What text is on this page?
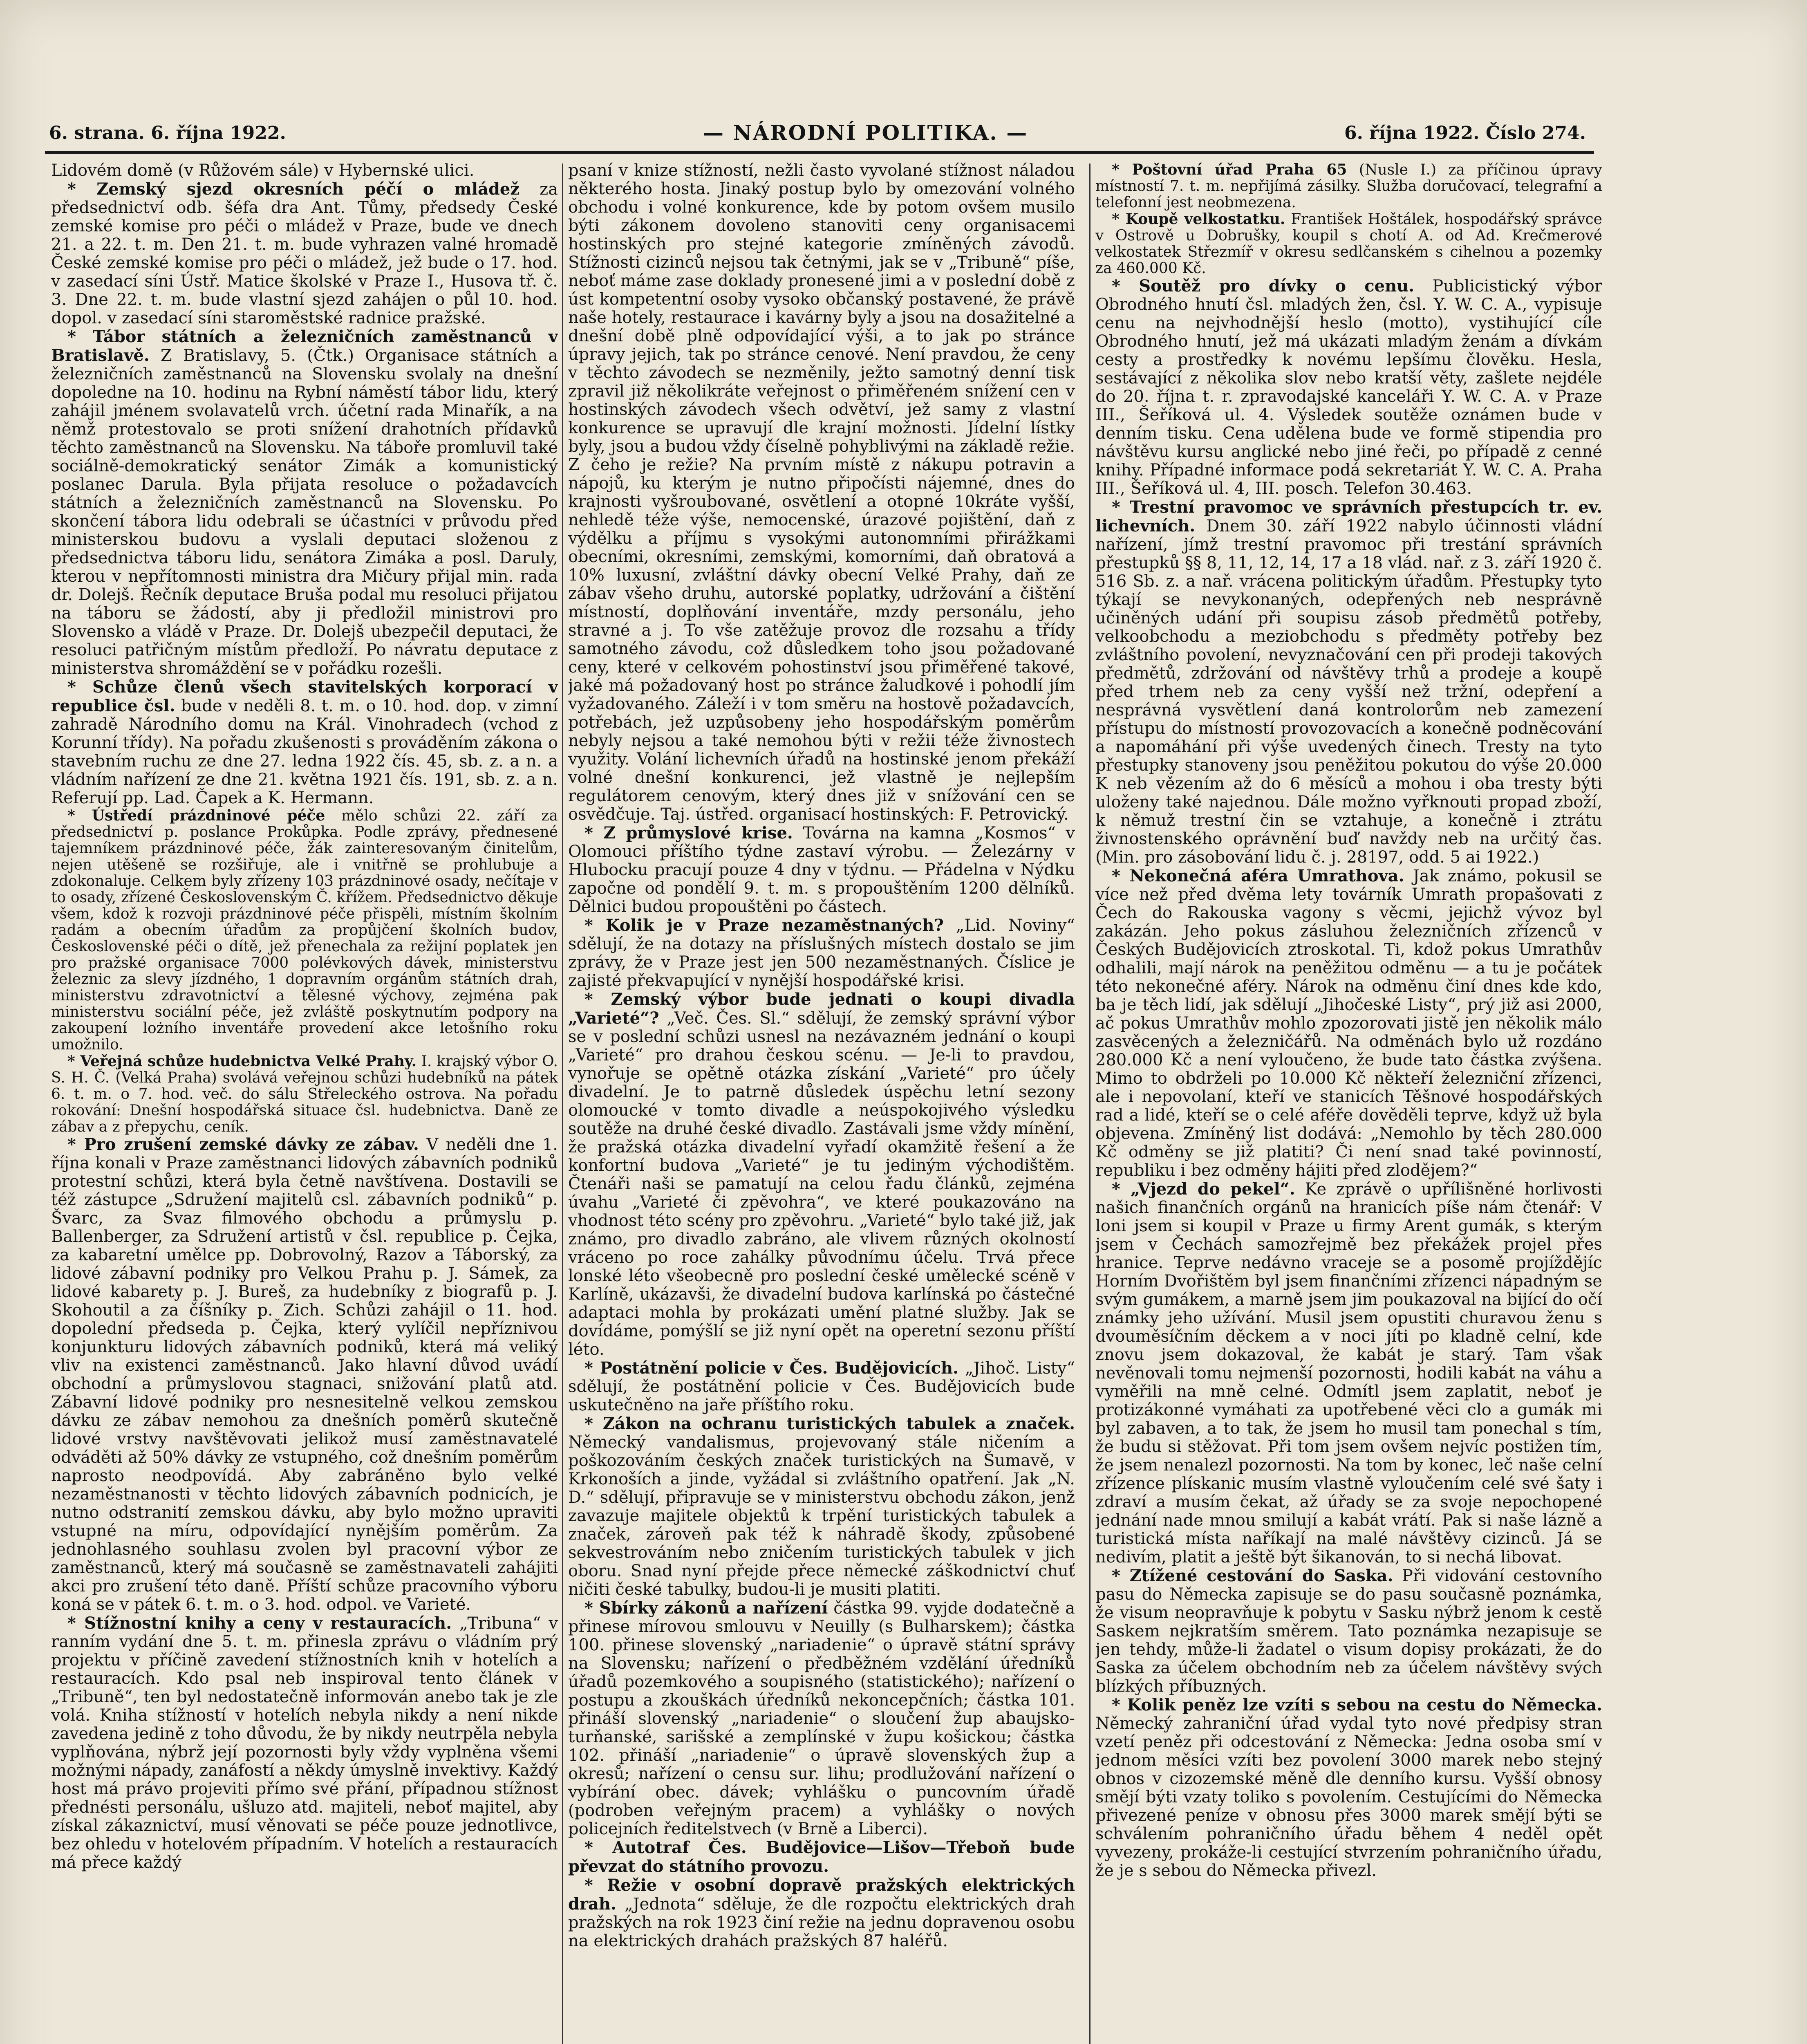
6. strana. 6. října 1922.	— NÁRODNÍ POLITIKA. —	6. října 1922. Číslo 274.

Lidovém domě (v Růžovém sále) v Hybernské ulici.

* Zemský sjezd okresních péčí o mládež za předsednictví odb. šéfa dra Ant. Tůmy, předsedy České zemské komise pro péči o mládež v Praze, bude ve dnech 21. a 22. t. m. Den 21. t. m. bude vyhrazen valné hromadě České zemské komise pro péči o mládež, jež bude o 17. hod. v zasedací síni Ústř. Matice školské v Praze I., Husova tř. č. 3. Dne 22. t. m. bude vlastní sjezd zahájen o půl 10. hod. dopol. v zasedací síni staroměstské radnice pražské.

* Tábor státních a železničních zaměstnanců v Bratislavě. Z Bratislavy, 5. (Čtk.) Organisace státních a železničních zaměstnanců na Slovensku svolaly na dnešní dopoledne na 10. hodinu na Rybní náměstí tábor lidu, který zahájil jménem svolavatelů vrch. účetní rada Minařík, a na němž protestovalo se proti snížení drahotních přídavků těchto zaměstnanců na Slovensku. Na táboře promluvil také sociálně-demokratický senátor Zimák a komunistický poslanec Darula. Byla přijata resoluce o požadavcích státních a železničních zaměstnanců na Slovensku. Po skončení tábora lidu odebrali se účastníci v průvodu před ministerskou budovu a vyslali deputaci složenou z předsednictva táboru lidu, senátora Zimáka a posl. Daruly, kterou v nepřítomnosti ministra dra Mičury přijal min. rada dr. Dolejš. Řečník deputace Bruša podal mu resoluci přijatou na táboru se žádostí, aby ji předložil ministrovi pro Slovensko a vládě v Praze. Dr. Dolejš ubezpečil deputaci, že resoluci patřičným místům předloží. Po návratu deputace z ministerstva shromáždění se v pořádku rozešli.

* Schůze členů všech stavitelských korporací v republice čsl. bude v neděli 8. t. m. o 10. hod. dop. v zimní zahradě Národního domu na Král. Vinohradech (vchod z Korunní třídy). Na pořadu zkušenosti s prováděním zákona o stavebním ruchu ze dne 27. ledna 1922 čís. 45, sb. z. a n. a vládním nařízení ze dne 21. května 1921 čís. 191, sb. z. a n. Referují pp. Lad. Čapek a K. Hermann.

* Ústředí prázdninové péče mělo schůzi 22. září za předsednictví p. poslance Prokůpka. Podle zprávy, přednesené tajemníkem prázdninové péče, žák zainteresovaným činitelům, nejen utěšeně se rozšiřuje, ale i vnitřně se prohlubuje a zdokonaluje. Celkem byly zřízeny 103 prázdninové osady, nečítaje v to osady, zřízené Československým Č. křížem. Předsednictvo děkuje všem, kdož k rozvoji prázdninové péče přispěli, místním školním radám a obecním úřadům za propůjčení školních budov, Československé péči o dítě, jež přenechala za režijní poplatek jen pro pražské organisace 7000 polévkových dávek, ministerstvu železnic za slevy jízdného, 1 dopravním orgánům státních drah, ministerstvu zdravotnictví a tělesné výchovy, zejména pak ministerstvu sociální péče, jež zvláště poskytnutím podpory na zakoupení lożního inventáře provedení akce letošního roku umožnilo.

* Veřejná schůze hudebnictva Velké Prahy. I. krajský výbor O. S. H. Č. (Velká Praha) svolává veřejnou schůzi hudebníků na pátek 6. t. m. o 7. hod. več. do sálu Střeleckého ostrova. Na pořadu rokování: Dnešní hospodářská situace čsl. hudebnictva. Daně ze zábav a z přepychu, ceník.

* Pro zrušení zemské dávky ze zábav. V neděli dne 1. října konali v Praze zaměstnanci lidových zábavních podniků protestní schůzi, která byla četně navštívena. Dostavili se též zástupce „Sdružení majitelů csl. zábavních podniků“ p. Švarc, za Svaz filmového obchodu a průmyslu p. Ballenberger, za Sdružení artistů v čsl. republice p. Čejka, za kabaretní umělce pp. Dobrovolný, Razov a Táborský, za lidové zábavní podniky pro Velkou Prahu p. J. Sámek, za lidové kabarety p. J. Bureš, za hudebníky z biografů p. J. Skohoutil a za číšníky p. Zich. Schůzi zahájil o 11. hod. dopolední předseda p. Čejka, který vylíčil nepříznivou konjunkturu lidových zábavních podniků, která má veliký vliv na existenci zaměstnanců. Jako hlavní důvod uvádí obchodní a průmyslovou stagnaci, snižování platů atd. Zábavní lidové podniky pro nesnesitelně velkou zemskou dávku ze zábav nemohou za dnešních poměrů skutečně lidové vrstvy navštěvovati jelikož musí zaměstnavatelé odváděti až 50% dávky ze vstupného, což dnešním poměrům naprosto neodpovídá. Aby zabráněno bylo velké nezaměstnanosti v těchto lidových zábavních podnicích, je nutno odstranití zemskou dávku, aby bylo možno upraviti vstupné na míru, odpovídající nynějším poměrům. Za jednohlasného souhlasu zvolen byl pracovní výbor ze zaměstnanců, který má současně se zaměstnavateli zahájiti akci pro zrušení této daně. Příští schůze pracovního výboru koná se v pátek 6. t. m. o 3. hod. odpol. ve Varieté.

* Stížnostní knihy a ceny v restauracích. „Tribuna“ v ranním vydání dne 5. t. m. přinesla zprávu o vládním prý projektu v příčině zavedení stížnostních knih v hotelích a restauracích. Kdo psal neb inspiroval tento článek v „Tribuně“, ten byl nedostatečně informován anebo tak je zle volá. Kniha stížností v hotelích nebyla nikdy a není nikde zavedena jedině z toho důvodu, že by nikdy neutrpěla nebyla vyplňována, nýbrž její pozornosti byly vždy vyplněna všemi možnými nápady, zanáfostí a někdy úmyslně invektivy. Každý host má právo projeviti přímo své přání, případnou stížnost přednésti personálu, ušluzo atd. majiteli, neboť majitel, aby získal zákaznictví, musí věnovati se péče pouze jednotlivce, bez ohledu v hotelovém případním. V hotelích a restauracích má přece každý

psaní v knize stížností, nežli často vyvolané stížnost náladou některého hosta. Jinaký postup bylo by omezování volného obchodu i volné konkurence, kde by potom ovšem musilo býti zákonem dovoleno stanoviti ceny organisacemi hostinských pro stejné kategorie zmíněných závodů. Stížnosti cizinců nejsou tak četnými, jak se v „Tribuně“ píše, neboť máme zase doklady pronesené jimi a v poslední době z úst kompetentní osoby vysoko občanský postavené, že právě naše hotely, restaurace i kavárny byly a jsou na dosažitelné a dnešní době plně odpovídající výši, a to jak po stránce úpravy jejich, tak po stránce cenové. Není pravdou, že ceny v těchto závodech se nezměnily, ježto samotný denní tisk zpravil již několikráte veřejnost o přiměřeném snížení cen v hostinských závodech všech odvětví, jež samy z vlastní konkurence se upravují dle krajní možnosti. Jídelní lístky byly, jsou a budou vždy číselně pohyblivými na základě režie. Z čeho je režie? Na prvním místě z nákupu potravin a nápojů, ku kterým je nutno připočísti nájemné, dnes do krajnosti vyšroubované, osvětlení a otopné 10kráte vyšší, nehledě téže výše, nemocenské, úrazové pojištění, daň z výdělku a příjmu s vysokými autonomními přirážkami obecními, okresními, zemskými, komorními, daň obratová a 10% luxusní, zvláštní dávky obecní Velké Prahy, daň ze zábav všeho druhu, autorské poplatky, udržování a čištění místností, doplňování inventáře, mzdy personálu, jeho stravné a j. To vše zatěžuje provoz dle rozsahu a třídy samotného závodu, což důsledkem toho jsou požadované ceny, které v celkovém pohostinství jsou přiměřené takové, jaké má požadovaný host po stránce žaludkové i pohodlí jím vyžadovaného. Záleží i v tom směru na hostově požadavcích, potřebách, jež uzpůsobeny jeho hospodářským poměrům nebyly nejsou a také nemohou býti v režii téže živnostech využity. Volání lichevních úřadů na hostinské jenom překáží volné dnešní konkurenci, jež vlastně je nejlepším regulátorem cenovým, který dnes již v snížování cen se osvědčuje. Taj. ústřed. organisací hostinských: F. Petrovický.

* Z průmyslové krise. Továrna na kamna „Kosmos“ v Olomouci příštího týdne zastaví výrobu. — Železárny v Hlubocku pracují pouze 4 dny v týdnu. — Přádelna v Nýdku započne od pondělí 9. t. m. s propouštěním 1200 dělníků. Dělnici budou propouštěni po částech.

* Kolik je v Praze nezaměstnaných? „Lid. Noviny“ sdělují, že na dotazy na příslušných místech dostalo se jim zprávy, že v Praze jest jen 500 nezaměstnaných. Číslice je zajisté překvapující v nynější hospodářské krisi.

* Zemský výbor bude jednati o koupi divadla „Varieté“? „Več. Čes. Sl.“ sdělují, že zemský správní výbor se v poslední schůzi usnesl na nezávazném jednání o koupi „Varieté“ pro drahou českou scénu. — Je-li to pravdou, vynořuje se opětně otázka získání „Varieté“ pro účely divadelní. Je to patrně důsledek úspěchu letní sezony olomoucké v tomto divadle a neúspokojivého výsledku soutěže na druhé české divadlo. Zastávali jsme vždy mínění, že pražská otázka divadelní vyřadí okamžitě řešení a že konfortní budova „Varieté“ je tu jediným východištěm. Čtenáři naši se pamatují na celou řadu článků, zejména úvahu „Varieté či zpěvohra“, ve které poukazováno na vhodnost této scény pro zpěvohru. „Varieté“ bylo také již, jak známo, pro divadlo zabráno, ale vlivem různých okolností vráceno po roce zahálky původnímu účelu. Trvá přece lonské léto všeobecně pro poslední české umělecké scéně v Karlíně, ukázavši, že divadelní budova karlínská po částečné adaptaci mohla by prokázati umění platné služby. Jak se dovídáme, pomýšlí se již nyní opět na operetní sezonu příští léto.

* Postátnění policie v Čes. Budějovicích. „Jihoč. Listy“ sdělují, že postátnění policie v Čes. Budějovicích bude uskutečněno na jaře příštího roku.

* Zákon na ochranu turistických tabulek a značek. Německý vandalismus, projevovaný stále ničením a poškozováním českých značek turistických na Šumavě, v Krkonoších a jinde, vyžádal si zvláštního opatření. Jak „N. D.“ sdělují, připravuje se v ministerstvu obchodu zákon, jenž zavazuje majitele objektů k trpění turistických tabulek a značek, zároveň pak též k náhradě škody, způsobené sekvestrováním nebo zničením turistických tabulek v jich oboru. Snad nyní přejde přece německé záškodnictví chuť ničiti české tabulky, budou-li je musiti platiti.

* Sbírky zákonů a nařízení částka 99. vyjde dodatečně a přinese mírovou smlouvu v Neuilly (s Bulharskem); částka 100. přinese slovenský „nariadenie“ o úpravě státní správy na Slovensku; nařízení o předběžném vzdělání úředníků úřadů pozemkového a soupisného (statistického); nařízení o postupu a zkouškách úředníků nekoncepčních; částka 101. přináší slovenský „nariadenie“ o sloučení žup abaujsko-turňanské, sarišské a zemplínské v župu košickou; částka 102. přináší „nariadenie“ o úpravě slovenských žup a okresů; nařízení o censu sur. lihu; prodlužování nařízení o vybírání obec. dávek; vyhlášku o puncovním úřadě (podroben veřejným pracem) a vyhlášky o nových policejních ředitelstvech (v Brně a Liberci).

* Autotraf Čes. Budějovice—Lišov—Třeboň bude převzat do státního provozu.

* Režie v osobní dopravě pražských elektrických drah. „Jednota“ sděluje, že dle rozpočtu elektrických drah pražských na rok 1923 činí režie na jednu dopravenou osobu na elektrických drahách pražských 87 haléřů.

* Poštovní úřad Praha 65 (Nusle I.) za příčinou úpravy místností 7. t. m. nepřijímá zásilky. Služba doručovací, telegrafní a telefonní jest neobmezena.

* Koupě velkostatku. František Hoštálek, hospodářský správce v Ostrově u Dobrušky, koupil s chotí A. od Ad. Krečmerové velkostatek Střezmíř v okresu sedlčanském s cihelnou a pozemky za 460.000 Kč.

* Soutěž pro dívky o cenu. Publicistický výbor Obrodného hnutí čsl. mladých žen, čsl. Y. W. C. A., vypisuje cenu na nejvhodnější heslo (motto), vystihující cíle Obrodného hnutí, jež má ukázati mladým ženám a dívkám cesty a prostředky k novému lepšímu člověku. Hesla, sestávající z několika slov nebo kratší věty, zašlete nejdéle do 20. října t. r. zpravodajské kanceláři Y. W. C. A. v Praze III., Šeříková ul. 4. Výsledek soutěže oznámen bude v denním tisku. Cena udělena bude ve formě stipendia pro návštěvu kursu anglické nebo jiné řeči, po případě z cenné knihy. Případné informace podá sekretariát Y. W. C. A. Praha III., Šeříková ul. 4, III. posch. Telefon 30.463.

* Trestní pravomoc ve správních přestupcích tr. ev. lichevních. Dnem 30. září 1922 nabylo účinnosti vládní nařízení, jímž trestní pravomoc při trestání správních přestupků §§ 8, 11, 12, 14, 17 a 18 vlád. nař. z 3. září 1920 č. 516 Sb. z. a nař. vrácena politickým úřadům. Přestupky tyto týkají se nevykonaných, odepřených neb nesprávně učiněných udání při soupisu zásob předmětů potřeby, velkoobchodu a meziobchodu s předměty potřeby bez zvláštního povolení, nevyznačování cen při prodeji takových předmětů, zdržování od návštěvy trhů a prodeje a koupě před trhem neb za ceny vyšší než tržní, odepření a nesprávná vysvětlení daná kontrolorům neb zamezení přístupu do místností provozovacích a konečně podněcování a napomáhání při výše uvedených činech. Tresty na tyto přestupky stanoveny jsou peněžitou pokutou do výše 20.000 K neb vězením až do 6 měsíců a mohou i oba tresty býti uloženy také najednou. Dále možno vyřknouti propad zboží, k němuž trestní čin se vztahuje, a konečně i ztrátu živnostenského oprávnění buď navždy neb na určitý čas. (Min. pro zásobování lidu č. j. 28197, odd. 5 ai 1922.)

* Nekonečná aféra Umrathova. Jak známo, pokusil se více než před dvěma lety továrník Umrath propašovati z Čech do Rakouska vagony s věcmi, jejichž vývoz byl zakázán. Jeho pokus zásluhou železničních zřízenců v Českých Budějovicích ztroskotal. Ti, kdož pokus Umrathův odhalili, mají nárok na peněžitou odměnu — a tu je počátek této nekonečné aféry. Nárok na odměnu činí dnes kde kdo, ba je těch lidí, jak sdělují „Jihočeské Listy“, prý již asi 2000, ač pokus Umrathův mohlo zpozorovati jistě jen několik málo zasvěcených a železničářů. Na odměnách bylo už rozdáno 280.000 Kč a není vyloučeno, že bude tato částka zvýšena. Mimo to obdrželi po 10.000 Kč někteří železniční zřízenci, ale i nepovolaní, kteří ve stanicích Těšnové hospodářských rad a lidé, kteří se o celé aféře dověděli teprve, když už byla objevena. Zmíněný list dodává: „Nemohlo by těch 280.000 Kč odměny se již platiti? Či není snad také povinností, republiku i bez odměny hájiti před zlodějem?“

* „Vjezd do pekel“. Ke zprávě o upřílišněné horlivosti našich finančních orgánů na hranicích píše nám čtenář: V loni jsem si koupil v Praze u firmy Arent gumák, s kterým jsem v Čechách samozřejmě bez překážek projel přes hranice. Teprve nedávno vraceje se a posomě projíždějíc Horním Dvořištěm byl jsem finančními zřízenci nápadným se svým gumákem, a marně jsem jim poukazoval na bijící do očí známky jeho užívání. Musil jsem opustiti churavou ženu s dvouměsíčním děckem a v noci jíti po kladně celní, kde znovu jsem dokazoval, že kabát je starý. Tam však nevěnovali tomu nejmenší pozornosti, hodili kabát na váhu a vyměřili na mně celné. Odmítl jsem zaplatit, neboť je protizákonné vymáhati za upotřebené věci clo a gumák mi byl zabaven, a to tak, že jsem ho musil tam ponechal s tím, že budu si stěžovat. Při tom jsem ovšem nejvíc postižen tím, že jsem nenalezl pozornosti. Na tom by konec, leč naše celní zřízence plískanic musím vlastně vyloučením celé své šaty i zdraví a musím čekat, až úřady se za svoje nepochopené jednání nade mnou smilují a kabát vrátí. Pak si naše lázně a turistická místa naříkají na malé návštěvy cizinců. Já se nedivím, platit a ještě být šikanován, to si nechá libovat.

* Ztížené cestování do Saska. Při vidování cestovního pasu do Německa zapisuje se do pasu současně poznámka, že visum neopravňuje k pobytu v Sasku nýbrž jenom k cestě Saskem nejkratším směrem. Tato poznámka nezapisuje se jen tehdy, může-li žadatel o visum dopisy prokázati, že do Saska za účelem obchodním neb za účelem návštěvy svých blízkých příbuzných.

* Kolik peněz lze vzíti s sebou na cestu do Německa. Německý zahraniční úřad vydal tyto nové předpisy stran vzetí peněz při odcestování z Německa: Jedna osoba smí v jednom měsíci vzíti bez povolení 3000 marek nebo stejný obnos v cizozemské měně dle denního kursu. Vyšší obnosy smějí býti vzaty toliko s povolením. Cestujícími do Německa přivezené peníze v obnosu přes 3000 marek smějí býti se schválením pohraničního úřadu během 4 neděl opět vyvezeny, prokáže-li cestující stvrzením pohraničního úřadu, že je s sebou do Německa přivezl.
